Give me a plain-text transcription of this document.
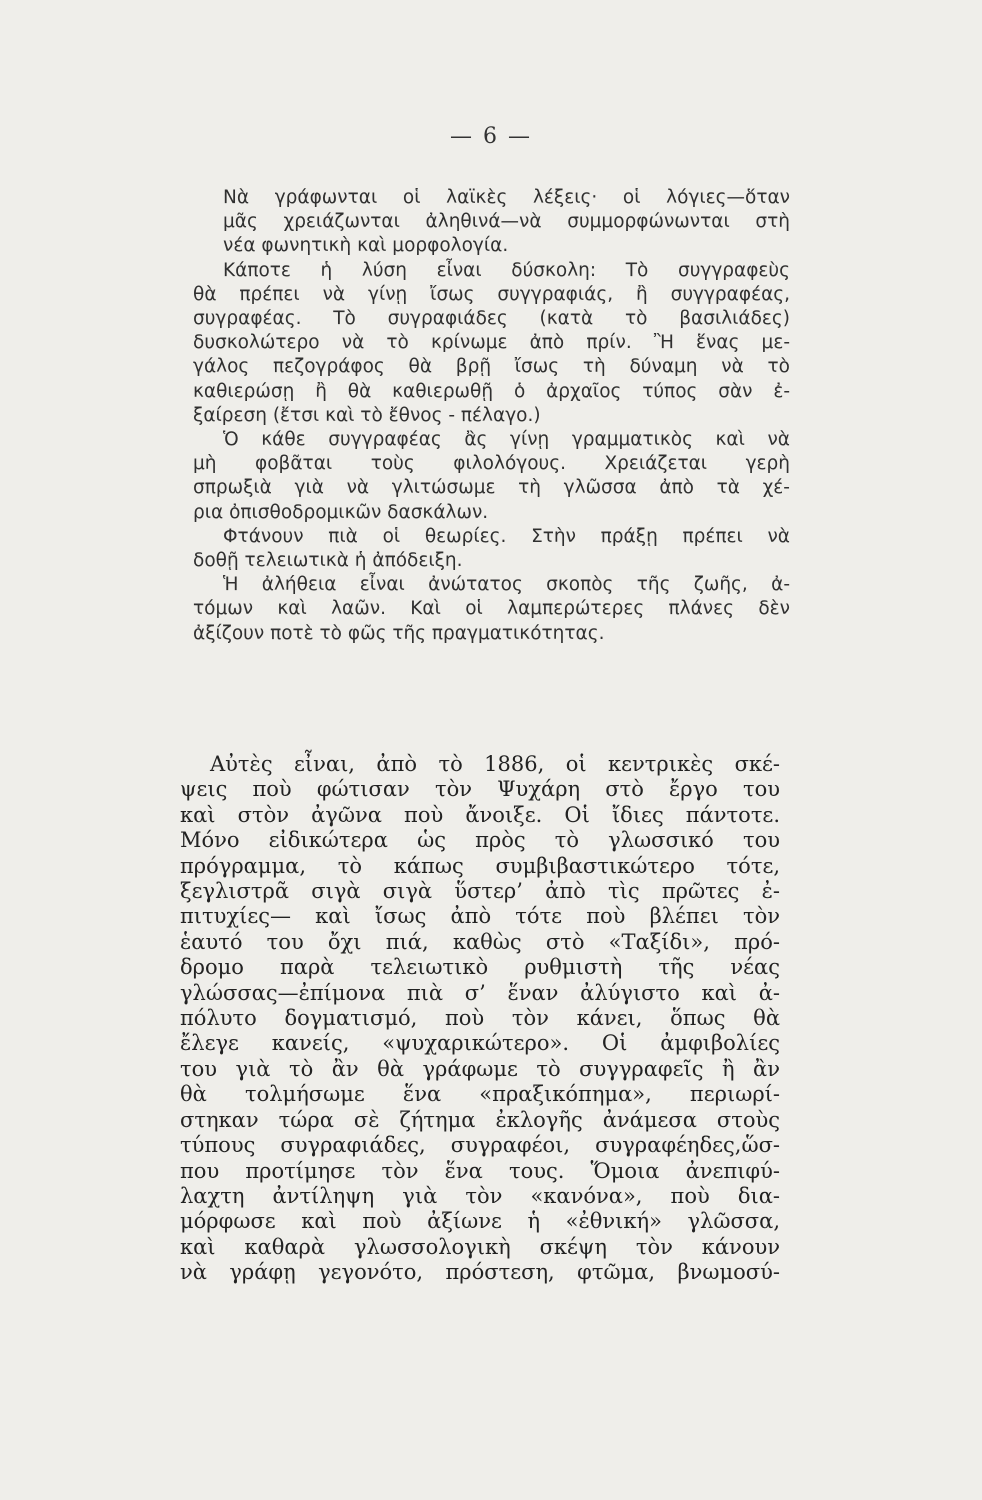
— 6 —

Νὰ γράφωνται οἱ λαϊκὲς λέξεις· οἱ λόγιες—ὅταν
μᾶς χρειάζωνται ἀληθινά—νὰ συμμορφώνωνται στὴ
νέα φωνητικὴ καὶ μορφολογία.

Κάποτε ἡ λύση εἶναι δύσκολη: Τὸ συγγραφεὺς
θὰ πρέπει νὰ γίνῃ ἴσως συγγραφιάς, ἢ συγγραφέας,
συγραφέας. Τὸ συγραφιάδες (κατὰ τὸ βασιλιάδες)
δυσκολώτερο νὰ τὸ κρίνωμε ἀπὸ πρίν. Ἢ ἕνας με-
γάλος πεζογράφος θὰ βρῇ ἴσως τὴ δύναμη νὰ τὸ
καθιερώσῃ ἢ θὰ καθιερωθῇ ὁ ἀρχαῖος τύπος σὰν ἐ-
ξαίρεση (ἔτσι καὶ τὸ ἔθνος - πέλαγο.)

Ὁ κάθε συγγραφέας ἂς γίνῃ γραμματικὸς καὶ νὰ
μὴ φοβᾶται τοὺς φιλολόγους. Χρειάζεται γερὴ
σπρωξιὰ γιὰ νὰ γλιτώσωμε τὴ γλῶσσα ἀπὸ τὰ χέ-
ρια ὀπισθοδρομικῶν δασκάλων.

Φτάνουν πιὰ οἱ θεωρίες. Στὴν πράξῃ πρέπει νὰ
δοθῇ τελειωτικὰ ἡ ἀπόδειξη.

Ἡ ἀλήθεια εἶναι ἀνώτατος σκοπὸς τῆς ζωῆς, ἀ-
τόμων καὶ λαῶν. Καὶ οἱ λαμπερώτερες πλάνες δὲν
ἀξίζουν ποτὲ τὸ φῶς τῆς πραγματικότητας.

Αὐτὲς εἶναι, ἀπὸ τὸ 1886, οἱ κεντρικὲς σκέ-
ψεις ποὺ φώτισαν τὸν Ψυχάρη στὸ ἔργο του
καὶ στὸν ἀγῶνα ποὺ ἄνοιξε. Οἱ ἴδιες πάντοτε.
Μόνο εἰδικώτερα ὡς πρὸς τὸ γλωσσικό του
πρόγραμμα, τὸ κάπως συμβιβαστικώτερο τότε,
ξεγλιστρᾶ σιγὰ σιγὰ ὕστερ’ ἀπὸ τὶς πρῶτες ἐ-
πιτυχίες— καὶ ἴσως ἀπὸ τότε ποὺ βλέπει τὸν
ἑαυτό του ὄχι πιά, καθὼς στὸ «Ταξίδι», πρό-
δρομο παρὰ τελειωτικὸ ρυθμιστὴ τῆς νέας
γλώσσας—ἐπίμονα πιὰ σ’ ἕναν ἀλύγιστο καὶ ἀ-
πόλυτο δογματισμό, ποὺ τὸν κάνει, ὅπως θὰ
ἔλεγε κανείς, «ψυχαρικώτερο». Οἱ ἀμφιβολίες
του γιὰ τὸ ἂν θὰ γράφωμε τὸ συγγραφεῖς ἢ ἂν
θὰ τολμήσωμε ἕνα «πραξικόπημα», περιωρί-
στηκαν τώρα σὲ ζήτημα ἐκλογῆς ἀνάμεσα στοὺς
τύπους συγραφιάδες, συγραφέοι, συγραφέηδες,ὥσ-
που προτίμησε τὸν ἕνα τους. Ὅμοια ἀνεπιφύ-
λαχτη ἀντίληψη γιὰ τὸν «κανόνα», ποὺ δια-
μόρφωσε καὶ ποὺ ἀξίωνε ἡ «ἐθνική» γλῶσσα,
καὶ καθαρὰ γλωσσολογικὴ σκέψη τὸν κάνουν
νὰ γράφῃ γεγονότο, πρόστεση, φτῶμα, βνωμοσύ-
